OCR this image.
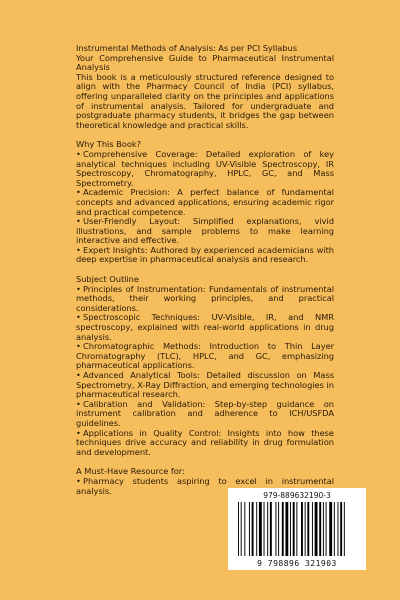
Instrumental Methods of Analysis: As per PCI Syllabus

Your Comprehensive Guide to Pharmaceutical Instrumental Analysis

This book is a meticulously structured reference designed to align with the Pharmacy Council of India (PCI) syllabus, offering unparalleled clarity on the principles and applications of instrumental analysis. Tailored for undergraduate and postgraduate pharmacy students, it bridges the gap between theoretical knowledge and practical skills.

________________________________________
Why This Book?
• Comprehensive Coverage: Detailed exploration of key analytical techniques including UV-Visible Spectroscopy, IR Spectroscopy, Chromatography, HPLC, GC, and Mass Spectrometry.
• Academic Precision: A perfect balance of fundamental concepts and advanced applications, ensuring academic rigor and practical competence.
• User-Friendly Layout: Simplified explanations, vivid illustrations, and sample problems to make learning interactive and effective.
• Expert Insights: Authored by experienced academicians with deep expertise in pharmaceutical analysis and research.
________________________________________
Subject Outline
• Principles of Instrumentation: Fundamentals of instrumental methods, their working principles, and practical considerations.
• Spectroscopic Techniques: UV-Visible, IR, and NMR spectroscopy, explained with real-world applications in drug analysis.
• Chromatographic Methods: Introduction to Thin Layer Chromatography (TLC), HPLC, and GC, emphasizing pharmaceutical applications.
• Advanced Analytical Tools: Detailed discussion on Mass Spectrometry, X-Ray Diffraction, and emerging technologies in pharmaceutical research.
• Calibration and Validation: Step-by-step guidance on instrument calibration and adherence to ICH/USFDA guidelines.
• Applications in Quality Control: Insights into how these techniques drive accuracy and reliability in drug formulation and development.
________________________________________
A Must-Have Resource for:
• Pharmacy students aspiring to excel in instrumental analysis.	979-889632190-3
9 798896 321903
